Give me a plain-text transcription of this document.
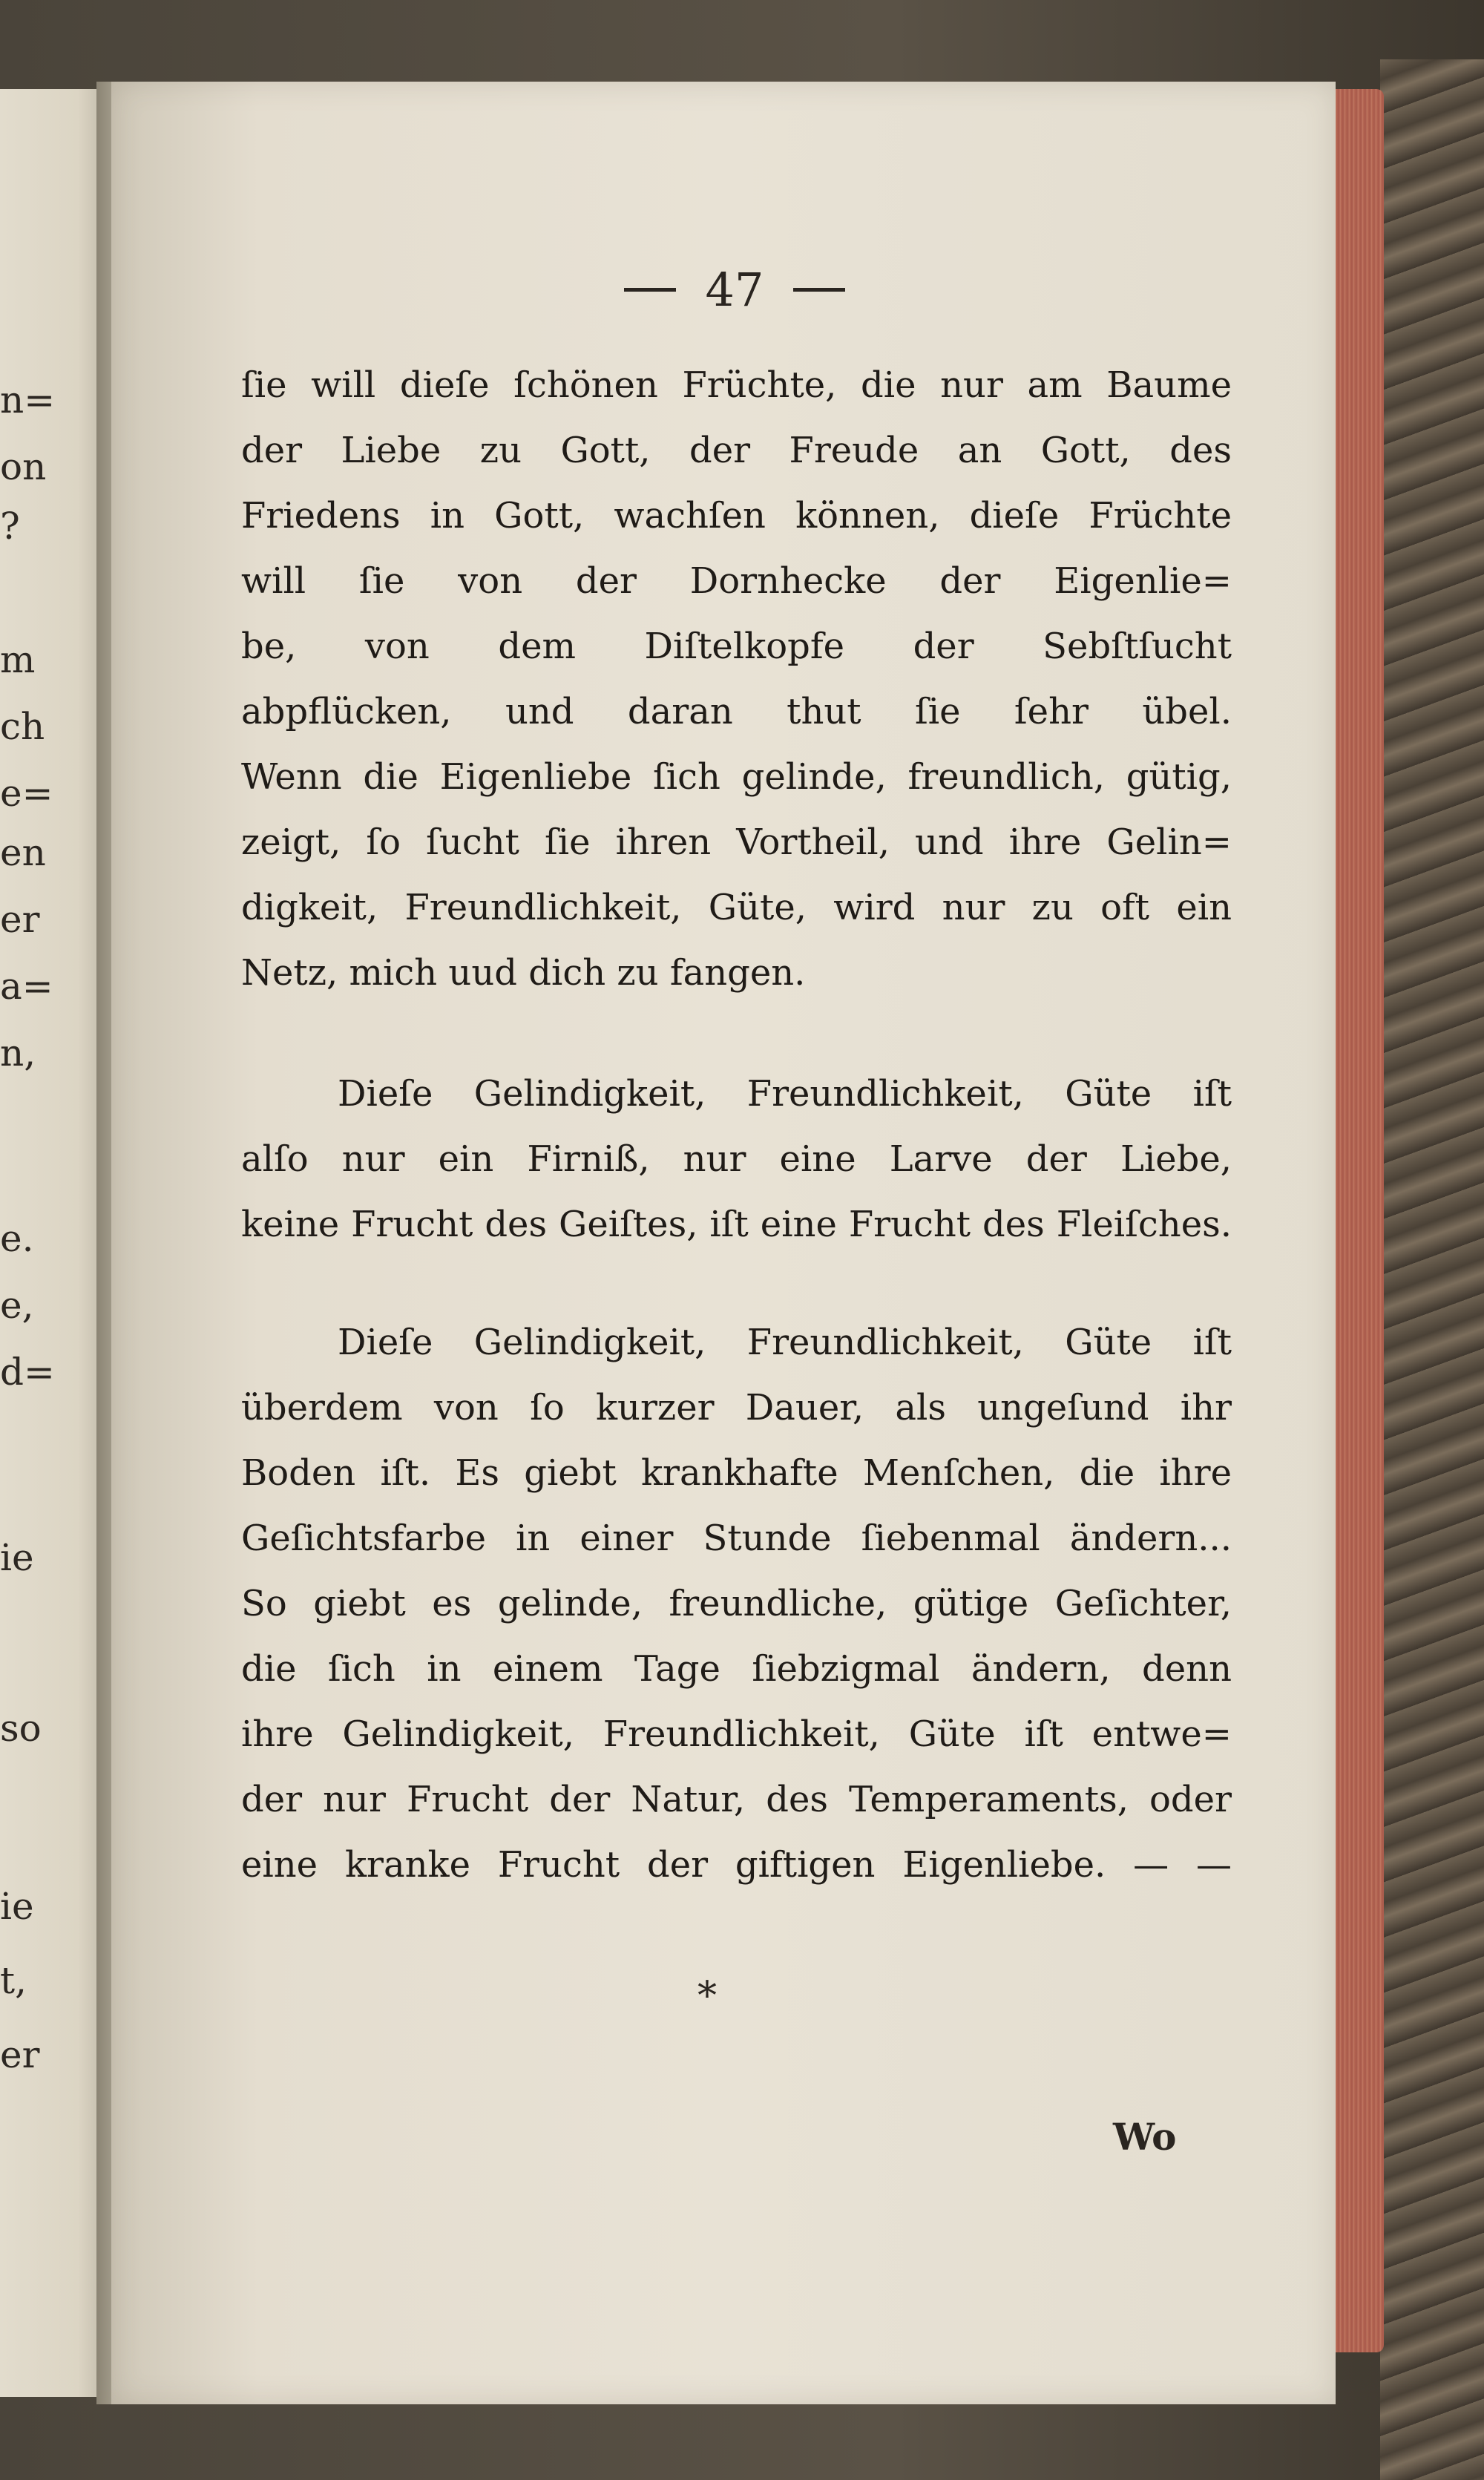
n=
on
?
m
ch
e=
en
er
a=
n,
e.
e,
d=
ie
so
ie
t,
er
47
ſie will dieſe ſchönen Früchte, die nur am Baume
der Liebe zu Gott, der Freude an Gott, des
Friedens in Gott, wachſen können, dieſe Früchte
will ſie von der Dornhecke der Eigenlie=
be, von dem Diſtelkopfe der Sebſtſucht
abpflücken, und daran thut ſie ſehr übel.
Wenn die Eigenliebe ſich gelinde, freundlich, gütig,
zeigt, ſo ſucht ſie ihren Vortheil, und ihre Gelin=
digkeit, Freundlichkeit, Güte, wird nur zu oft ein
Netz, mich uud dich zu fangen.
Dieſe Gelindigkeit, Freundlichkeit, Güte iſt
alſo nur ein Firniß, nur eine Larve der Liebe,
keine Frucht des Geiſtes, iſt eine Frucht des Fleiſches.
Dieſe Gelindigkeit, Freundlichkeit, Güte iſt
überdem von ſo kurzer Dauer, als ungeſund ihr
Boden iſt. Es giebt krankhafte Menſchen, die ihre
Geſichtsfarbe in einer Stunde ſiebenmal ändern...
So giebt es gelinde, freundliche, gütige Geſichter,
die ſich in einem Tage ſiebzigmal ändern, denn
ihre Gelindigkeit, Freundlichkeit, Güte iſt entwe=
der nur Frucht der Natur, des Temperaments, oder
eine kranke Frucht der giftigen Eigenliebe. — —
*
Wo
